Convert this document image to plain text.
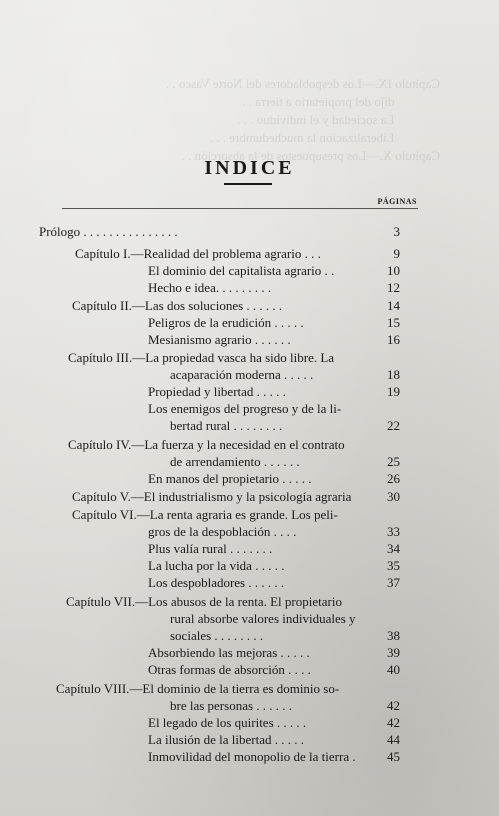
Capítulo IX.—Los despobladores del Norte Vasco . .
dijo del propietario a tierra . .
La sociedad y el individuo . . .
Liberalizacion la muchedumbre . . .
Capítulo X.—Los presupuestos de la absorción . .
INDICE
PÁGINAS
Prólogo . . . . . . . . . . . . . . .	3
Capítulo I.—Realidad del problema agrario . . .	9
El dominio del capitalista agrario . .	10
Hecho e idea. . . . . . . . .	12
Capítulo II.—Las dos soluciones . . . . . .	14
Peligros de la erudición . . . . .	15
Mesianismo agrario . . . . . .	16
Capítulo III.—La propiedad vasca ha sido libre. La
acaparación moderna . . . . .	18
Propiedad y libertad . . . . .	19
Los enemigos del progreso y de la li-
bertad rural . . . . . . . .	22
Capítulo IV.—La fuerza y la necesidad en el contrato
de arrendamiento . . . . . .	25
En manos del propietario . . . . .	26
Capítulo V.—El industrialismo y la psicología agraria	30
Capítulo VI.—La renta agraria es grande. Los peli-
gros de la despoblación . . . .	33
Plus valía rural . . . . . . .	34
La lucha por la vida . . . . .	35
Los despobladores . . . . . .	37
Capítulo VII.—Los abusos de la renta. El propietario
rural absorbe valores individuales y
sociales . . . . . . . .	38
Absorbiendo las mejoras . . . . .	39
Otras formas de absorción . . . .	40
Capítulo VIII.—El dominio de la tierra es dominio so-
bre las personas . . . . . .	42
El legado de los quirites . . . . .	42
La ilusión de la libertad . . . . .	44
Inmovilidad del monopolio de la tierra .	45
